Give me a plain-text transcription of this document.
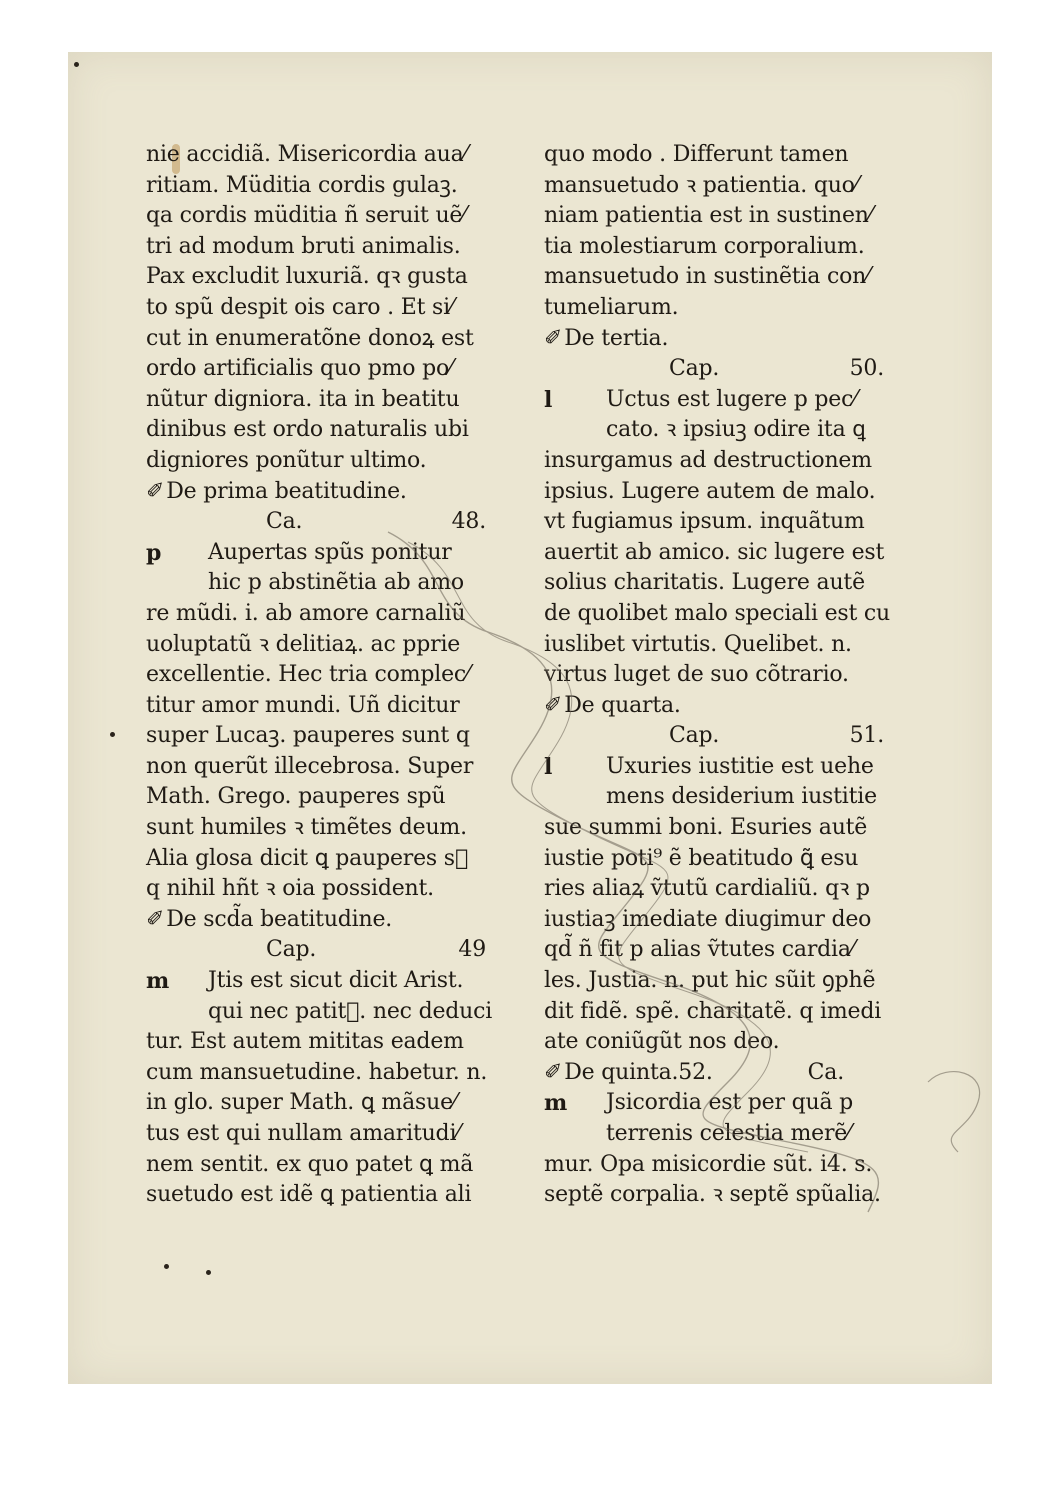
nie accidiã. Misericordia aua⁄
ritiam. Müditia cordis gulaꝫ.
qa cordis müditia ñ seruit uẽ⁄
tri ad modum bruti animalis.
Pax excludit luxuriã. qꝛ gusta
to spũ despit ois caro . Et si⁄
cut in enumeratõne donoꝝ est
ordo artificialis quo pmo po⁄
nũtur digniora. ita in beatitu
dinibus est ordo naturalis ubi
digniores ponũtur ultimo.
✐De prima beatitudine.
Ca.	48.
p Aupertas spũs ponitur
hic p abstinẽtia ab amo
re mũdi. i. ab amore carnaliũ
uoluptatũ ꝛ delitiaꝝ. ac pprie
excellentie. Hec tria complec⁄
titur amor mundi. Uñ dicitur
super Lucaꝫ. pauperes sunt q
non querũt illecebrosa. Super
Math. Grego. pauperes spũ
sunt humiles ꝛ timẽtes deum.
Alia glosa dicit ꝗ pauperes sᷣ
q nihil hñt ꝛ oia possident.
✐De scd̃a beatitudine.
Cap.	49
m Jtis est sicut dicit Arist.
qui nec patit᷑. nec deduci
tur. Est autem mititas eadem
cum mansuetudine. habetur. n.
in glo. super Math. ꝗ mãsue⁄
tus est qui nullam amaritudi⁄
nem sentit. ex quo patet ꝗ mã
suetudo est idẽ ꝗ patientia ali
quo modo . Differunt tamen
mansuetudo ꝛ patientia. quo⁄
niam patientia est in sustinen⁄
tia molestiarum corporalium.
mansuetudo in sustinẽtia con⁄
tumeliarum.
✐De tertia.
Cap.	50.
l Uctus est lugere p pec⁄
cato. ꝛ ipsiuꝫ odire ita ꝗ
insurgamus ad destructionem
ipsius. Lugere autem de malo.
vt fugiamus ipsum. inquãtum
auertit ab amico. sic lugere est
solius charitatis. Lugere autẽ
de quolibet malo speciali est cu
iuslibet virtutis. Quelibet. n.
virtus luget de suo cõtrario.
✐De quarta.
Cap.	51.
l Uxuries iustitie est uehe
mens desiderium iustitie
sue summi boni. Esuries autẽ
iustie poti⁹ ẽ beatitudo ꝗ̃ esu
ries aliaꝝ ṽtutũ cardialiũ. qꝛ p
iustiaꝫ imediate diugimur deo
qd̃ ñ fit p alias ṽtutes cardia⁄
les. Justia. n. put hic sũit ꝯphẽ
dit fidẽ. spẽ. charitatẽ. q imedi
ate coniũgũt nos deo.
✐De quinta.	Ca.
52.
m Jsicordia est per quã p
terrenis celestia merẽ⁄
mur. Opa misicordie sũt. i4. s.
septẽ corpalia. ꝛ septẽ spũalia.
